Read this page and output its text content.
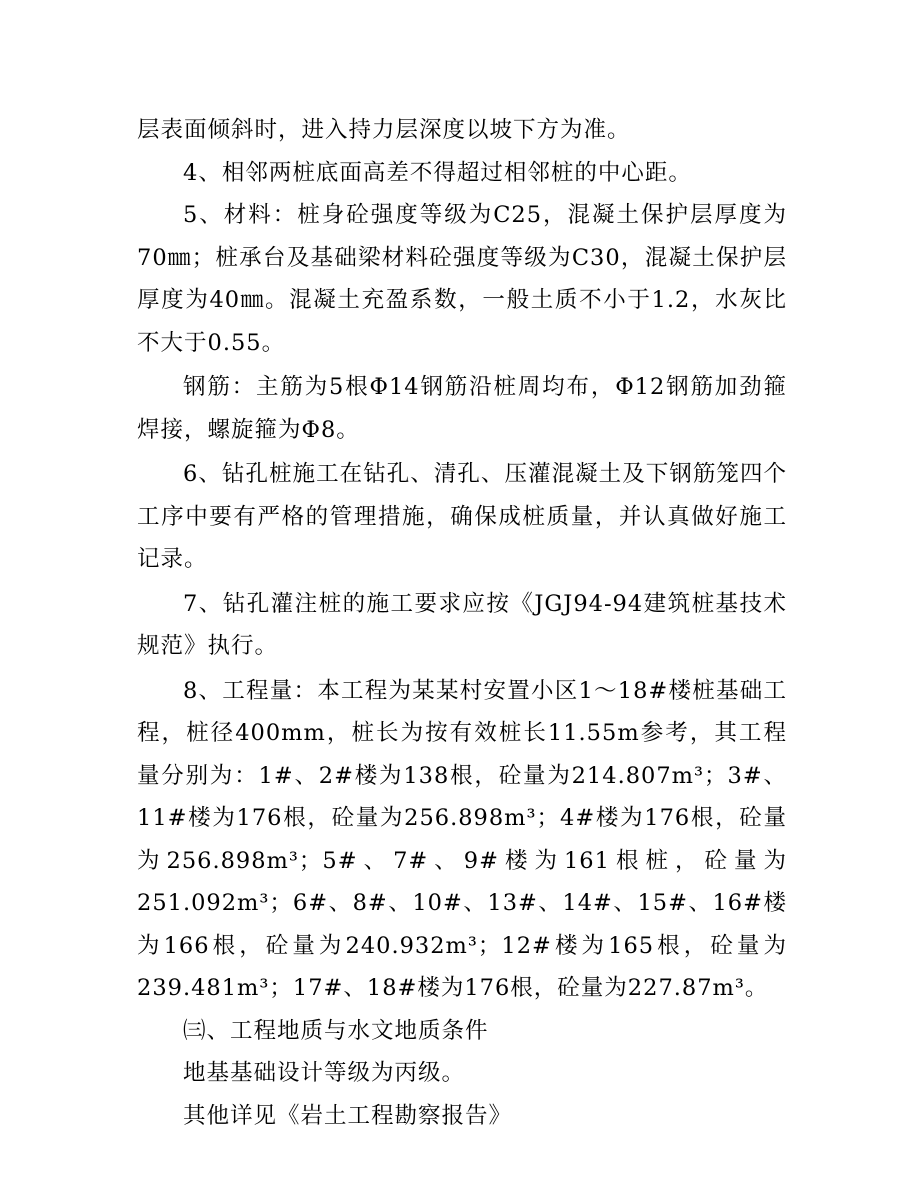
层表面倾斜时，进入持力层深度以坡下方为准。

4、相邻两桩底面高差不得超过相邻桩的中心距。

5、材料：桩身砼强度等级为C25，混凝土保护层厚度为70㎜；桩承台及基础梁材料砼强度等级为C30，混凝土保护层厚度为40㎜。混凝土充盈系数，一般土质不小于1.2，水灰比不大于0.55。

钢筋：主筋为5根Φ14钢筋沿桩周均布，Φ12钢筋加劲箍焊接，螺旋箍为Φ8。

6、钻孔桩施工在钻孔、清孔、压灌混凝土及下钢筋笼四个工序中要有严格的管理措施，确保成桩质量，并认真做好施工记录。

7、钻孔灌注桩的施工要求应按《JGJ94-94建筑桩基技术规范》执行。

8、工程量：本工程为某某村安置小区1～18#楼桩基础工程，桩径400mm，桩长为按有效桩长11.55m参考，其工程量分别为：1#、2#楼为138根，砼量为214.807m³；3#、11#楼为176根，砼量为256.898m³；4#楼为176根，砼量为256.898m³；5#、7#、9#楼为161根桩，砼量为251.092m³；6#、8#、10#、13#、14#、15#、16#楼为166根，砼量为240.932m³；12#楼为165根，砼量为239.481m³；17#、18#楼为176根，砼量为227.87m³。

㈢、工程地质与水文地质条件

地基基础设计等级为丙级。

其他详见《岩土工程勘察报告》
